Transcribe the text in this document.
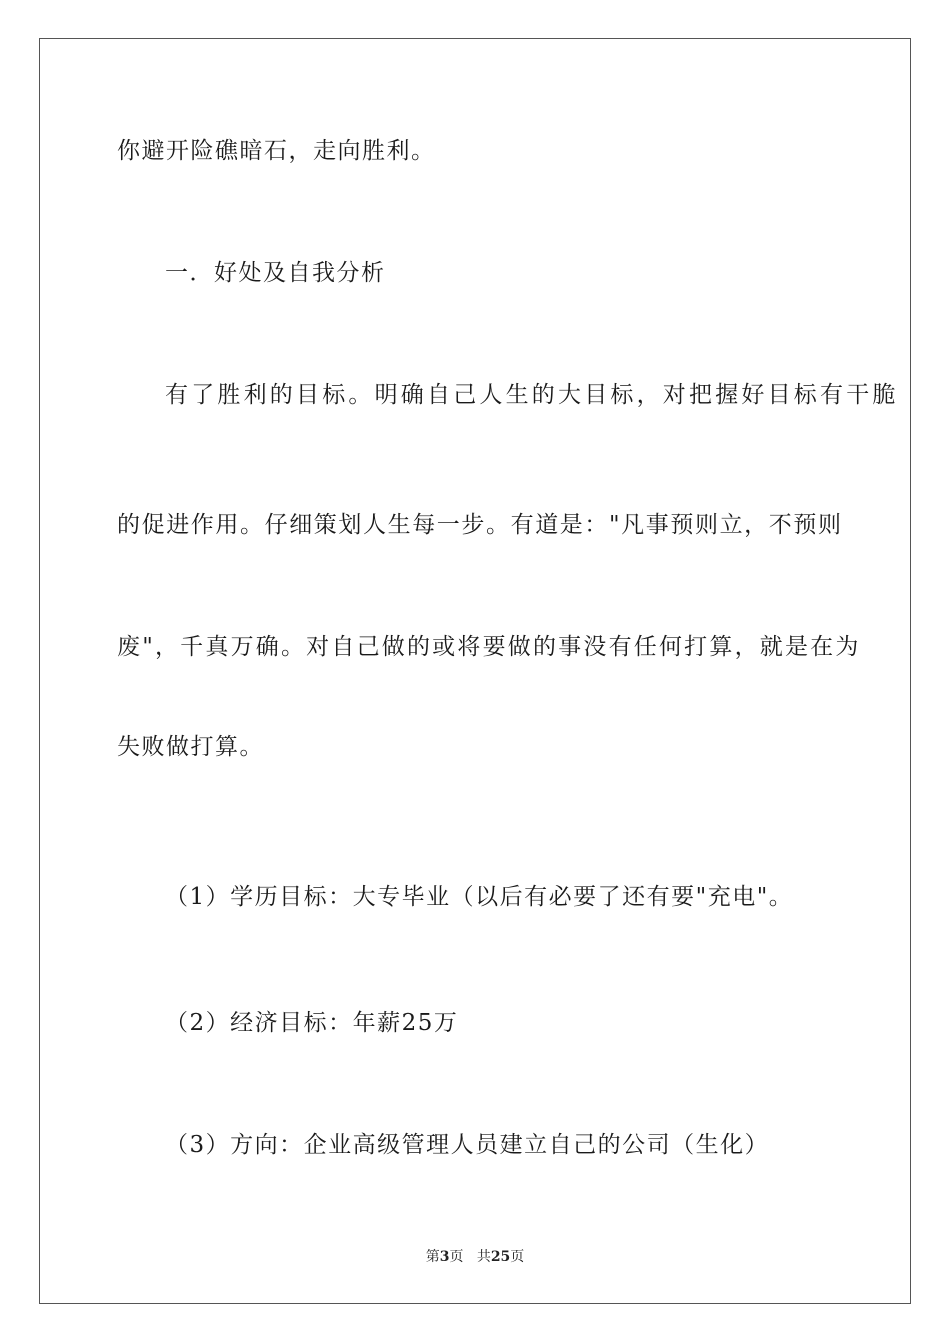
你避开险礁暗石，走向胜利。
一．好处及自我分析
有了胜利的目标。明确自己人生的大目标，对把握好目标有干脆
的促进作用。仔细策划人生每一步。有道是："凡事预则立，不预则
废"，千真万确。对自己做的或将要做的事没有任何打算，就是在为
失败做打算。
（1）学历目标：大专毕业（以后有必要了还有要"充电"。
（2）经济目标：年薪25万
（3）方向：企业高级管理人员建立自己的公司（生化）
第3页 共25页
